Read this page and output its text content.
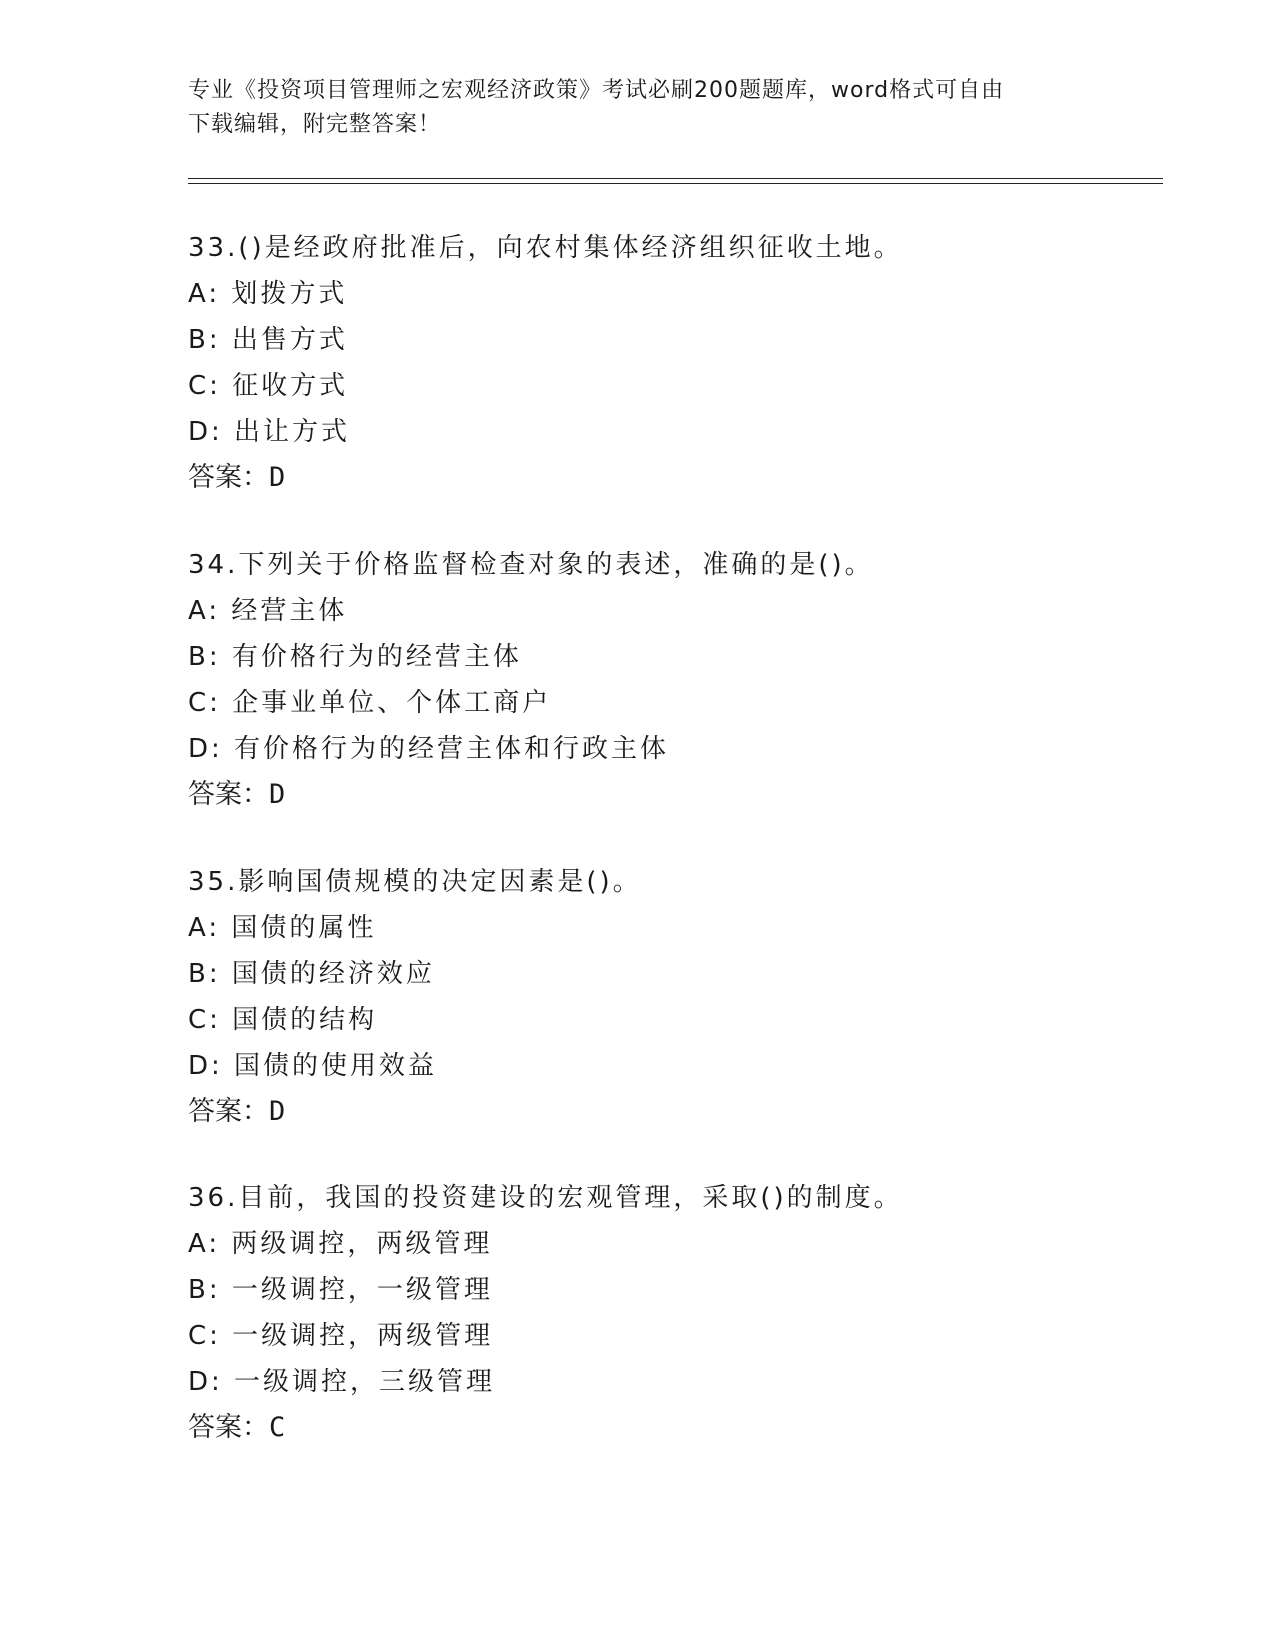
专业《投资项目管理师之宏观经济政策》考试必刷200题题库，word格式可自由
下载编辑，附完整答案！
33.()是经政府批准后，向农村集体经济组织征收土地。
A: 划拨方式
B: 出售方式
C: 征收方式
D: 出让方式
答案：D
34.下列关于价格监督检查对象的表述，准确的是()。
A: 经营主体
B: 有价格行为的经营主体
C: 企事业单位、个体工商户
D: 有价格行为的经营主体和行政主体
答案：D
35.影响国债规模的决定因素是()。
A: 国债的属性
B: 国债的经济效应
C: 国债的结构
D: 国债的使用效益
答案：D
36.目前，我国的投资建设的宏观管理，采取()的制度。
A: 两级调控，两级管理
B: 一级调控，一级管理
C: 一级调控，两级管理
D: 一级调控，三级管理
答案：C
